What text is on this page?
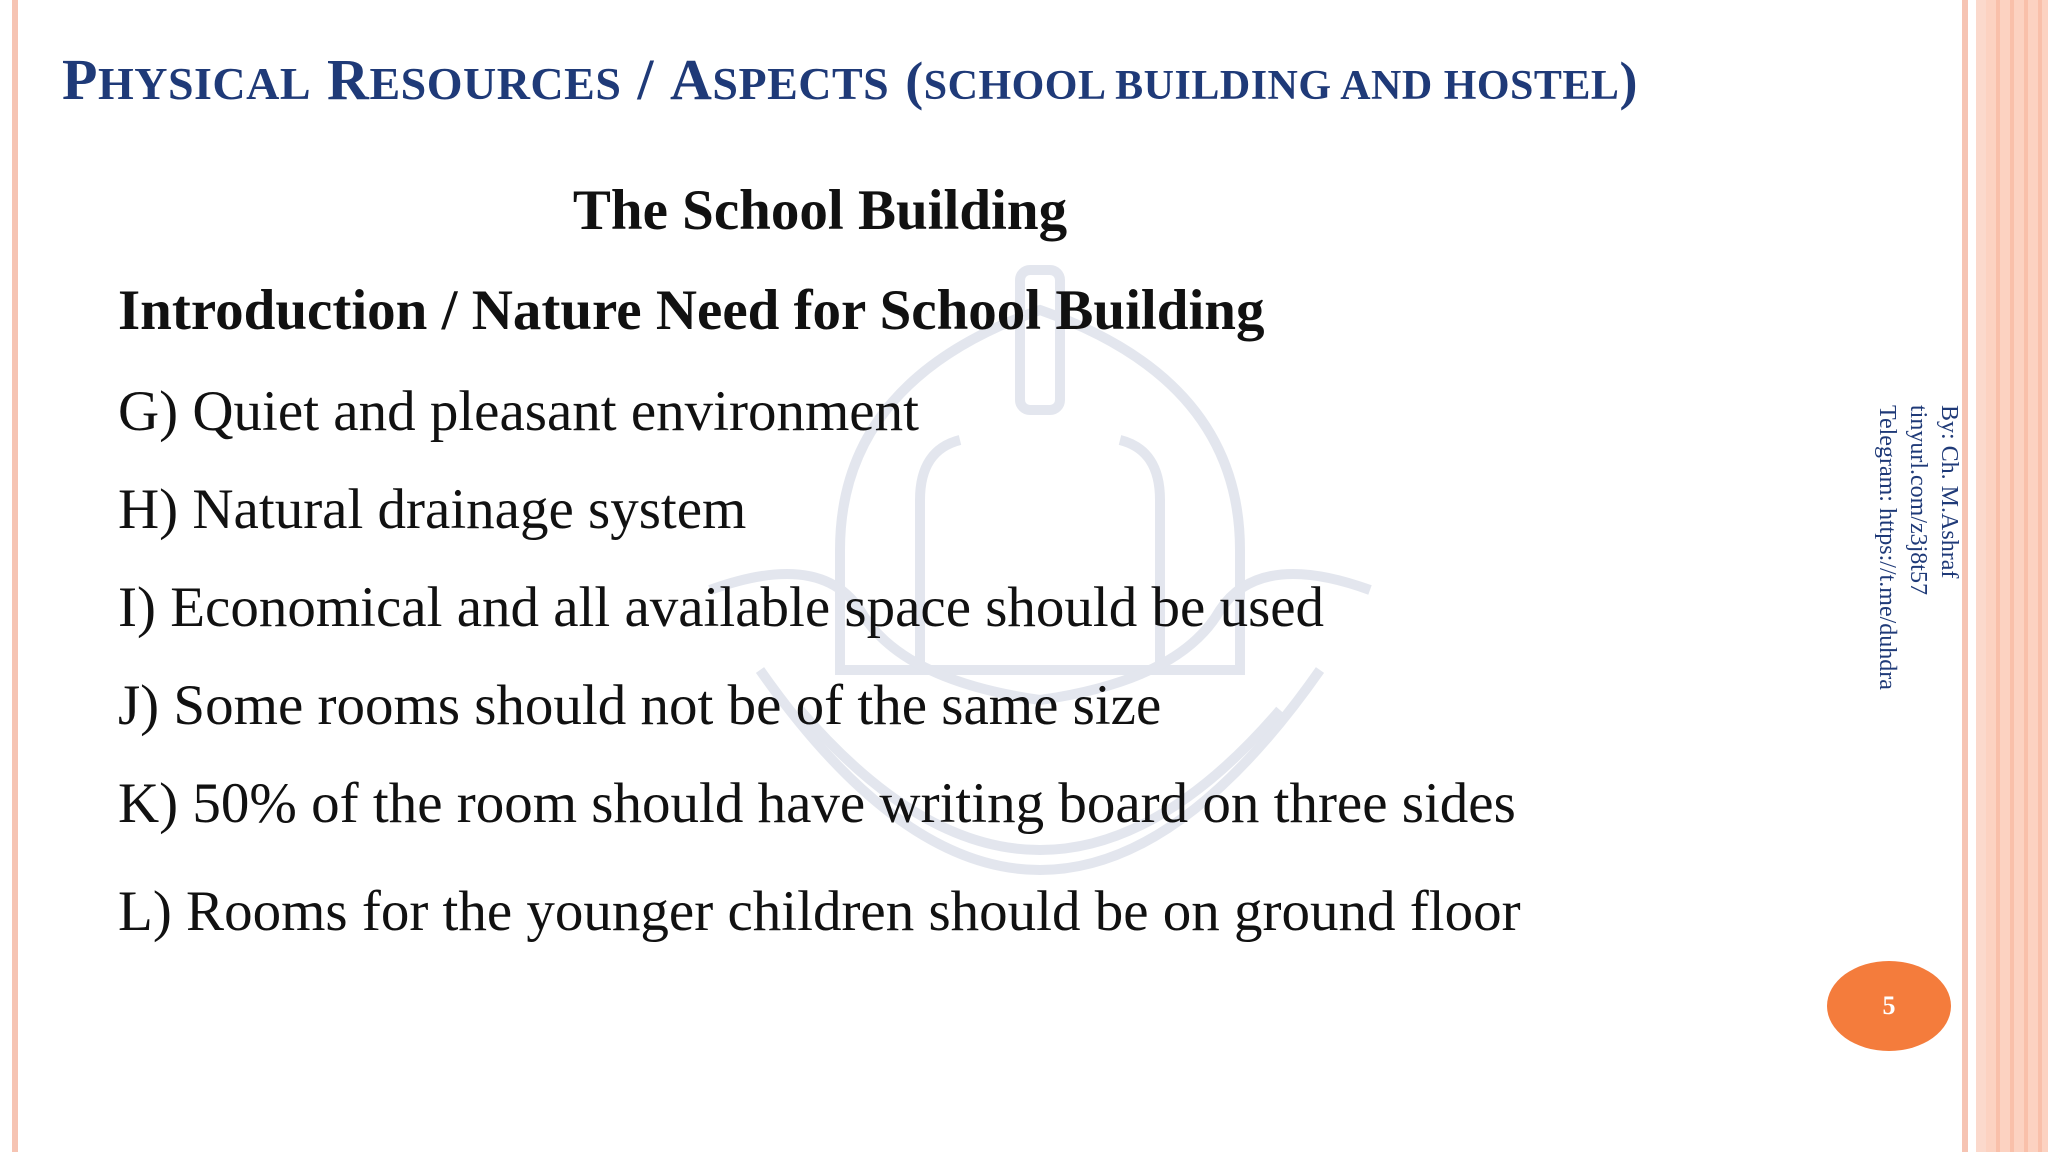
PHYSICAL RESOURCES / ASPECTS (SCHOOL BUILDING AND HOSTEL)
The School Building
Introduction / Nature Need for School Building
G) Quiet and pleasant environment
H) Natural drainage system
I) Economical and all available space should be used
J) Some rooms should not be of the same size
K) 50% of the room should have writing board on three sides
L) Rooms for the younger children should be on ground floor
By: Ch. M.Ashraf
tinyurl.com/z3j8t57
Telegram: https://t.me/duhdra
5
